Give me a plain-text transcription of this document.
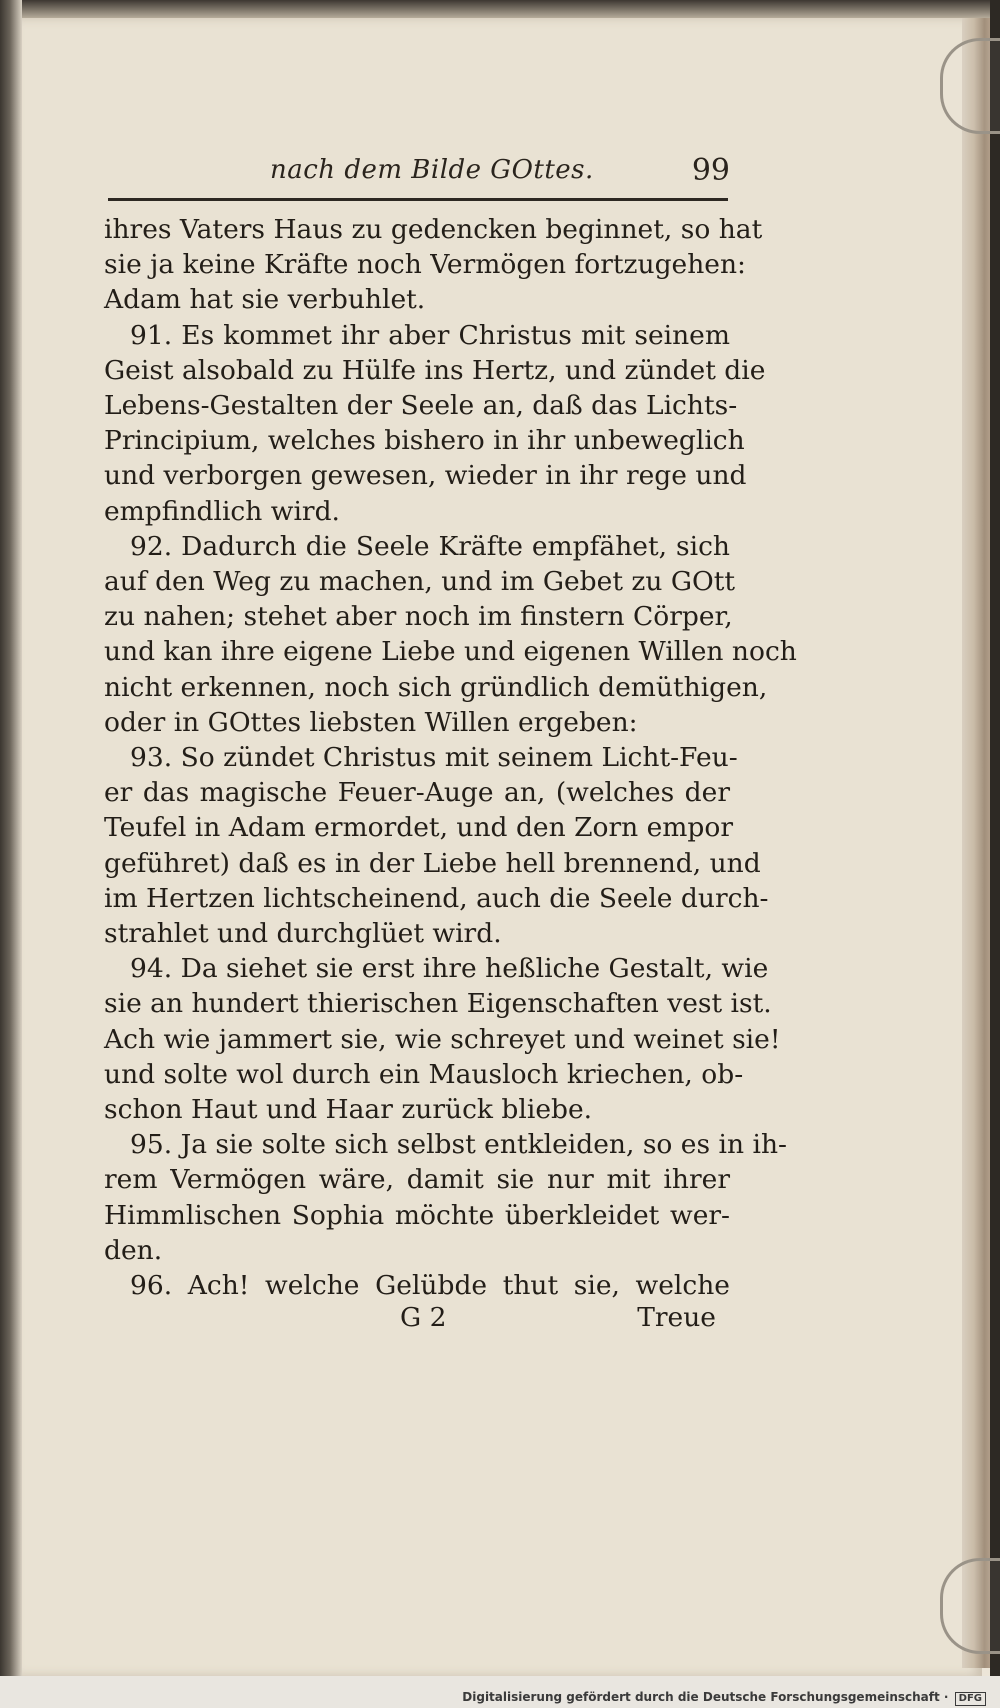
nach dem Bilde GOttes.	99
ihres Vaters Haus zu gedencken beginnet, so hat
sie ja keine Kräfte noch Vermögen fortzugehen:
Adam hat sie verbuhlet.
91. Es kommet ihr aber Christus mit seinem
Geist alsobald zu Hülfe ins Hertz, und zündet die
Lebens-Gestalten der Seele an, daß das Lichts-
Principium, welches bishero in ihr unbeweglich
und verborgen gewesen, wieder in ihr rege und
empfindlich wird.
92. Dadurch die Seele Kräfte empfähet, sich
auf den Weg zu machen, und im Gebet zu GOtt
zu nahen; stehet aber noch im finstern Cörper,
und kan ihre eigene Liebe und eigenen Willen noch
nicht erkennen, noch sich gründlich demüthigen,
oder in GOttes liebsten Willen ergeben:
93. So zündet Christus mit seinem Licht-Feu-
er das magische Feuer-Auge an, (welches der
Teufel in Adam ermordet, und den Zorn empor
geführet) daß es in der Liebe hell brennend, und
im Hertzen lichtscheinend, auch die Seele durch-
strahlet und durchglüet wird.
94. Da siehet sie erst ihre heßliche Gestalt, wie
sie an hundert thierischen Eigenschaften vest ist.
Ach wie jammert sie, wie schreyet und weinet sie!
und solte wol durch ein Mausloch kriechen, ob-
schon Haut und Haar zurück bliebe.
95. Ja sie solte sich selbst entkleiden, so es in ih-
rem Vermögen wäre, damit sie nur mit ihrer
Himmlischen Sophia möchte überkleidet wer-
den.
96. Ach! welche Gelübde thut sie, welche
G 2	Treue
Digitalisierung gefördert durch die Deutsche Forschungsgemeinschaft · DFG
